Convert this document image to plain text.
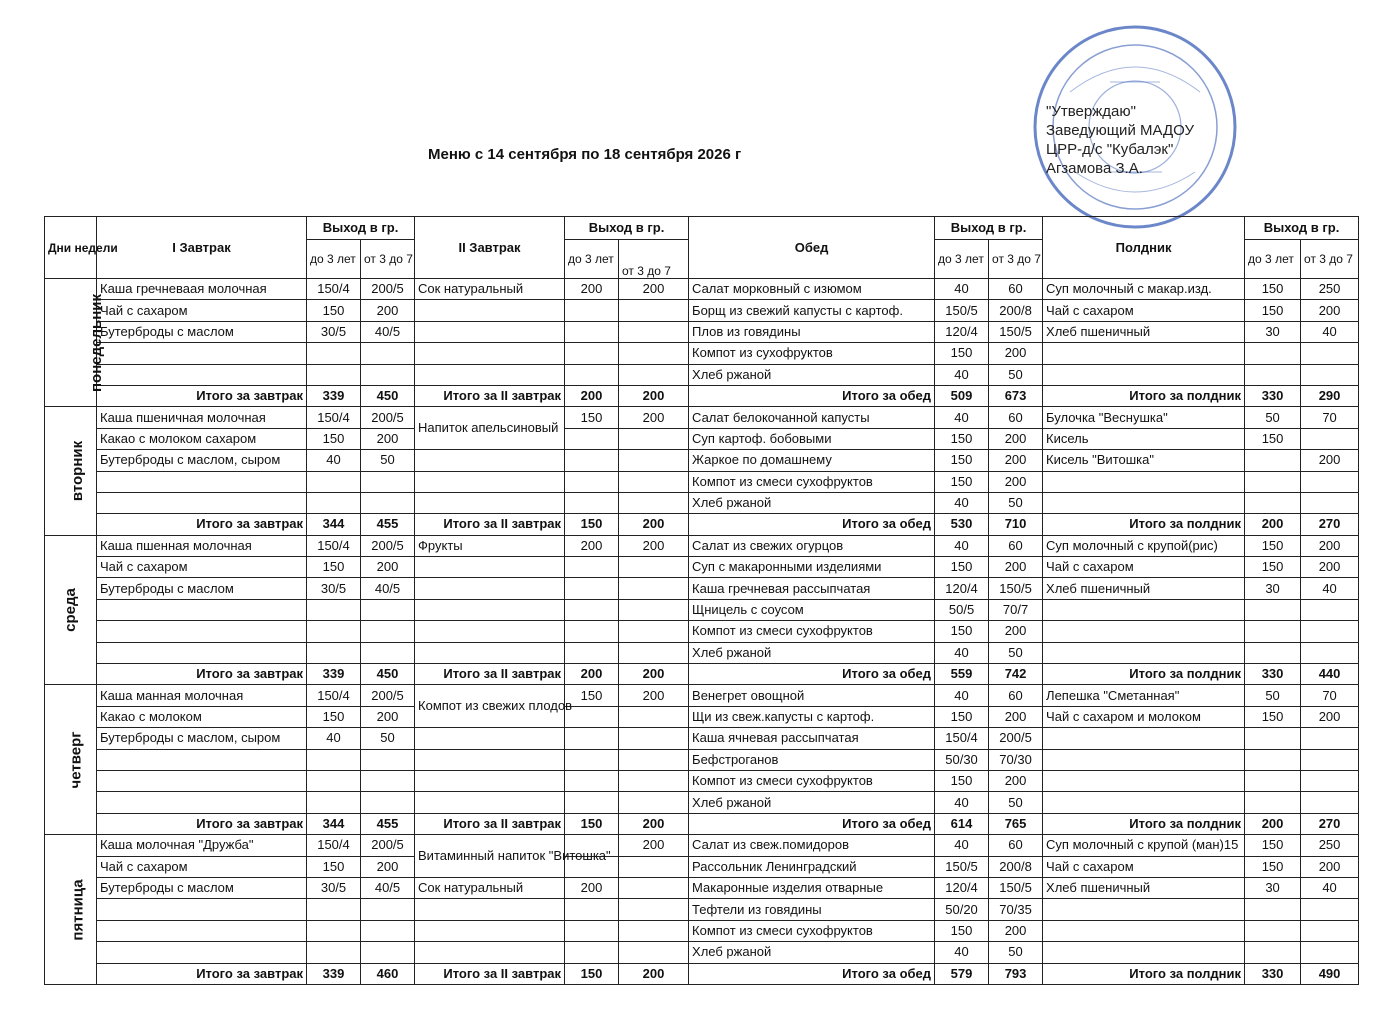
Меню с 14 сентября по 18 сентября 2026 г
"Утверждаю"
Заведующий МАДОУ
ЦРР-д/с "Кубалэк"
Агзамова З.А.
Дни недели	I Завтрак	Выход в гр.		II Завтрак	Выход в гр.		Обед	Выход в гр.		Полдник	Выход в гр.	
		до 3 лет	от 3 до 7		до 3 лет	от 3 до 7		до 3 лет	от 3 до 7		до 3 лет	от 3 до 7
понедельник	Каша гречневаая молочная	150/4	200/5	Сок натуральный	200	200	Салат морковный с изюмом	40	60	Суп молочный с макар.изд.	150	250
	Чай с сахаром	150	200				Борщ из свежий капусты с картоф.	150/5	200/8	Чай с сахаром	150	200
	Бутерброды с маслом	30/5	40/5				Плов из говядины	120/4	150/5	Хлеб пшеничный	30	40
							Компот из сухофруктов	150	200			
							Хлеб ржаной	40	50			
	Итого за завтрак	339	450	Итого за II завтрак	200	200	Итого за обед	509	673	Итого за полдник	330	290
вторник	Каша пшеничная молочная	150/4	200/5	Напиток апельсиновый	150	200	Салат белокочанной капусты	40	60	Булочка "Веснушка"	50	70
	Какао с молоком сахаром	150	200				Суп картоф. бобовыми	150	200	Кисель	150	
	Бутерброды с маслом, сыром	40	50				Жаркое по домашнему	150	200	Кисель "Витошка"		200
							Компот из смеси сухофруктов	150	200			
							Хлеб ржаной	40	50			
	Итого за завтрак	344	455	Итого за II завтрак	150	200	Итого за обед	530	710	Итого за полдник	200	270
среда	Каша пшенная молочная	150/4	200/5	Фрукты	200	200	Салат из свежих огурцов	40	60	Суп молочный с крупой(рис)	150	200
	Чай с сахаром	150	200				Суп с макаронными изделиями	150	200	Чай с сахаром	150	200
	Бутерброды с маслом	30/5	40/5				Каша гречневая рассыпчатая	120/4	150/5	Хлеб пшеничный	30	40
							Щницель с соусом	50/5	70/7			
							Компот из смеси сухофруктов	150	200			
							Хлеб ржаной	40	50			
	Итого за завтрак	339	450	Итого за II завтрак	200	200	Итого за обед	559	742	Итого за полдник	330	440
четверг	Каша манная молочная	150/4	200/5	Компот из свежих плодов	150	200	Венегрет овощной	40	60	Лепешка "Сметанная"	50	70
	Какао с молоком	150	200				Щи из свеж.капусты с картоф.	150	200	Чай с сахаром и молоком	150	200
	Бутерброды с маслом, сыром	40	50				Каша ячневая рассыпчатая	150/4	200/5			
							Бефстроганов	50/30	70/30			
							Компот из смеси сухофруктов	150	200			
							Хлеб ржаной	40	50			
	Итого за завтрак	344	455	Итого за II завтрак	150	200	Итого за обед	614	765	Итого за полдник	200	270
пятница	Каша молочная "Дружба"	150/4	200/5	Витаминный напиток "Витошка"		200	Салат из свеж.помидоров	40	60	Суп молочный с крупой (ман)15	150	250
	Чай с сахаром	150	200				Рассольник Ленинградский	150/5	200/8	Чай с сахаром	150	200
	Бутерброды с маслом	30/5	40/5	Сок натуральный	200		Макаронные изделия отварные	120/4	150/5	Хлеб пшеничный	30	40
							Тефтели из говядины	50/20	70/35			
							Компот из смеси сухофруктов	150	200			
							Хлеб ржаной	40	50			
	Итого за завтрак	339	460	Итого за II завтрак	150	200	Итого за обед	579	793	Итого за полдник	330	490
